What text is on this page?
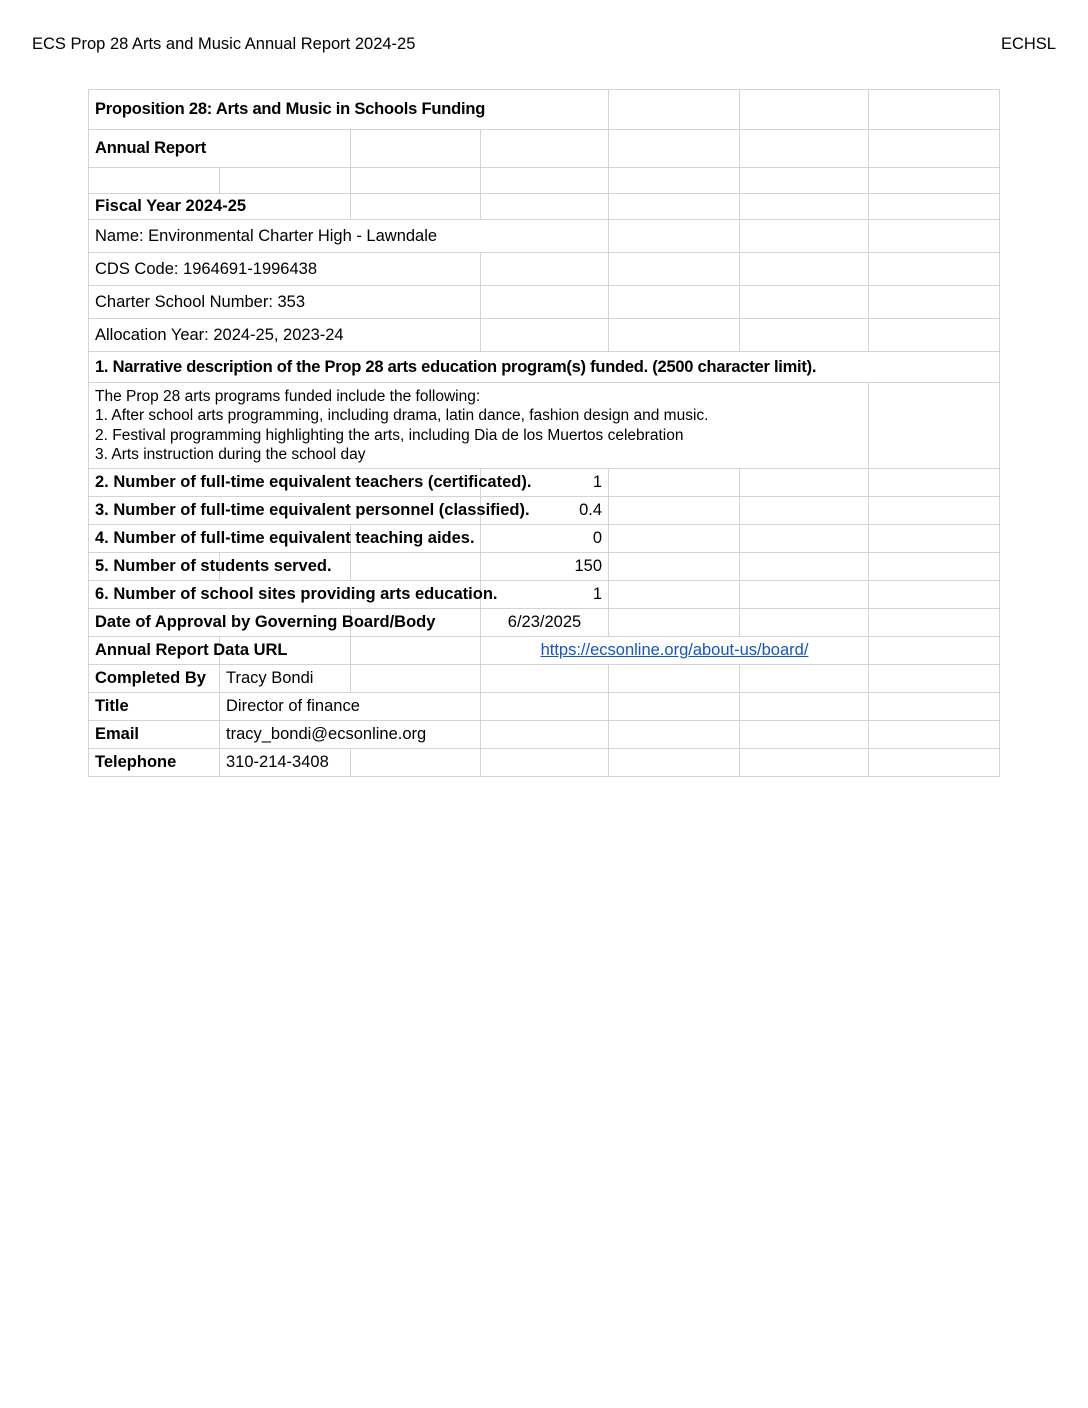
ECS Prop 28 Arts and Music Annual Report 2024-25	ECHSL
Proposition 28: Arts and Music in Schools Funding						
Annual Report						

Fiscal Year 2024-25						
Name: Environmental Charter High - Lawndale						
CDS Code: 1964691-1996438						
Charter School Number: 353						
Allocation Year: 2024-25, 2023-24						
1. Narrative description of the Prop 28 arts education program(s) funded. (2500 character limit).						

The Prop 28 arts programs funded include the following:
1. After school arts programming, including drama, latin dance, fashion design and music.
2. Festival programming highlighting the arts, including Dia de los Muertos celebration
3. Arts instruction during the school day						

2. Number of full-time equivalent teachers (certificated).			1			
3. Number of full-time equivalent personnel (classified).			0.4			
4. Number of full-time equivalent teaching aides.			0			
5. Number of students served.			150			
6. Number of school sites providing arts education.			1			
Date of Approval by Governing Board/Body			6/23/2025			
Annual Report Data URL			https://ecsonline.org/about-us/board/			
Completed By	Tracy Bondi					
Title	Director of finance					
Email	tracy_bondi@ecsonline.org					
Telephone	310-214-3408					
